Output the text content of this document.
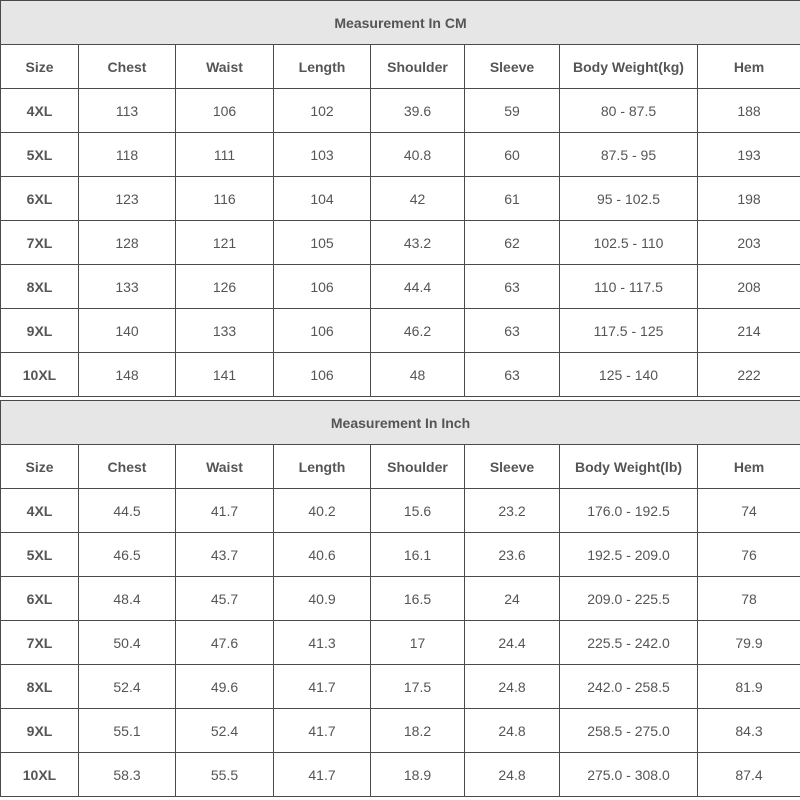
Measurement In CM							
Size	Chest	Waist	Length	Shoulder	Sleeve	Body Weight(kg)	Hem
4XL	113	106	102	39.6	59	80 - 87.5	188
5XL	118	111	103	40.8	60	87.5 - 95	193
6XL	123	116	104	42	61	95 - 102.5	198
7XL	128	121	105	43.2	62	102.5 - 110	203
8XL	133	126	106	44.4	63	110 - 117.5	208
9XL	140	133	106	46.2	63	117.5 - 125	214
10XL	148	141	106	48	63	125 - 140	222
Measurement In Inch							
Size	Chest	Waist	Length	Shoulder	Sleeve	Body Weight(lb)	Hem
4XL	44.5	41.7	40.2	15.6	23.2	176.0 - 192.5	74
5XL	46.5	43.7	40.6	16.1	23.6	192.5 - 209.0	76
6XL	48.4	45.7	40.9	16.5	24	209.0 - 225.5	78
7XL	50.4	47.6	41.3	17	24.4	225.5 - 242.0	79.9
8XL	52.4	49.6	41.7	17.5	24.8	242.0 - 258.5	81.9
9XL	55.1	52.4	41.7	18.2	24.8	258.5 - 275.0	84.3
10XL	58.3	55.5	41.7	18.9	24.8	275.0 - 308.0	87.4
